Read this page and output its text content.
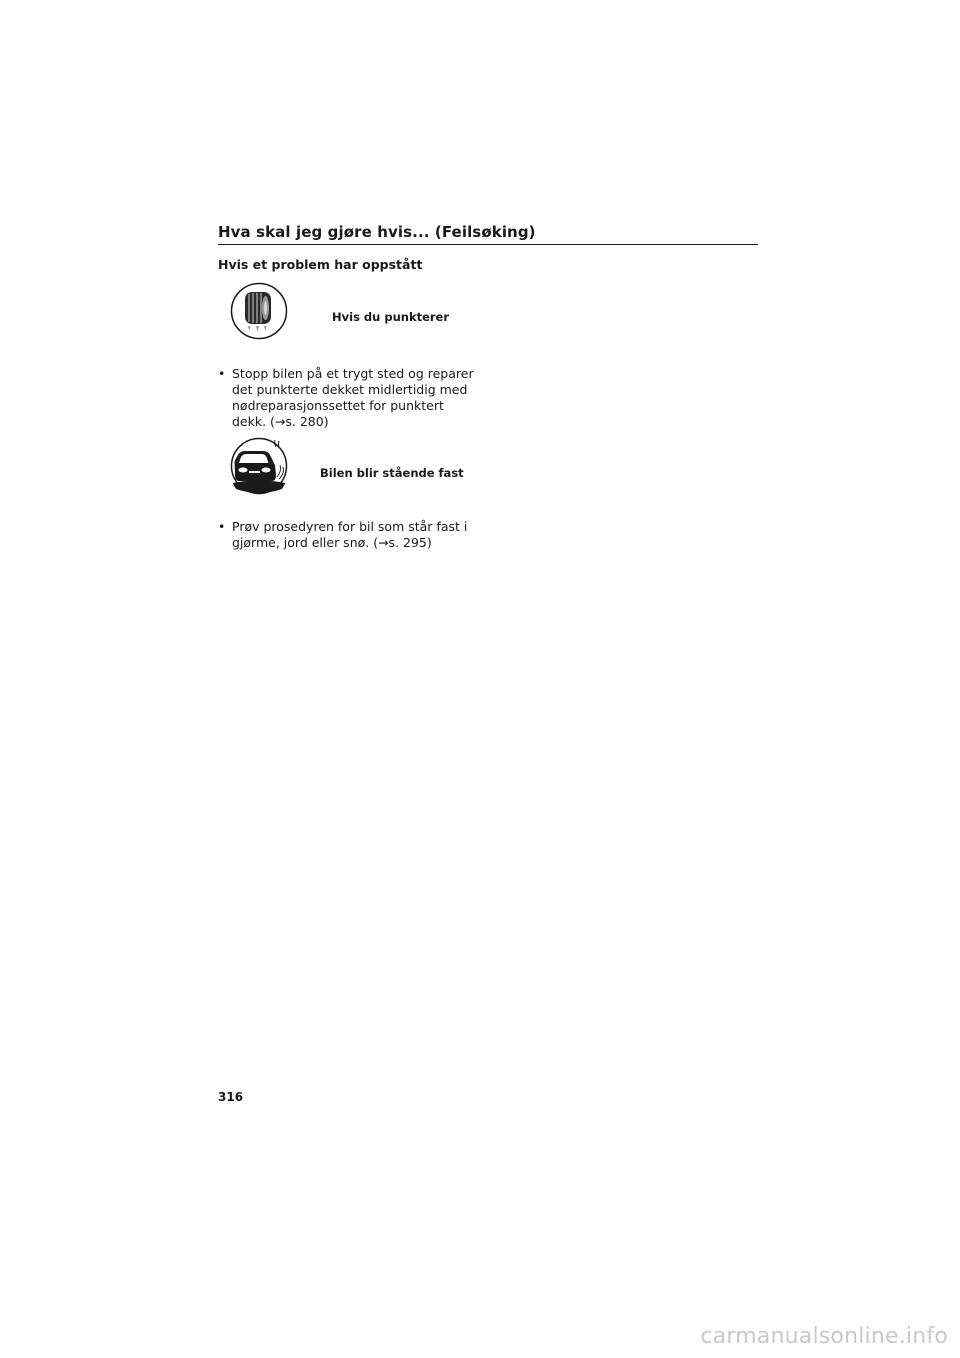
Hva skal jeg gjøre hvis... (Feilsøking)
Hvis et problem har oppstått
Hvis du punkterer
• Stopp bilen på et trygt sted og reparer det punkterte dekket midlertidig med nødreparasjonssettet for punktert dekk. (→s. 280)
Bilen blir stående fast
• Prøv prosedyren for bil som står fast i gjørme, jord eller snø. (→s. 295)
316
carmanualsonline.info
